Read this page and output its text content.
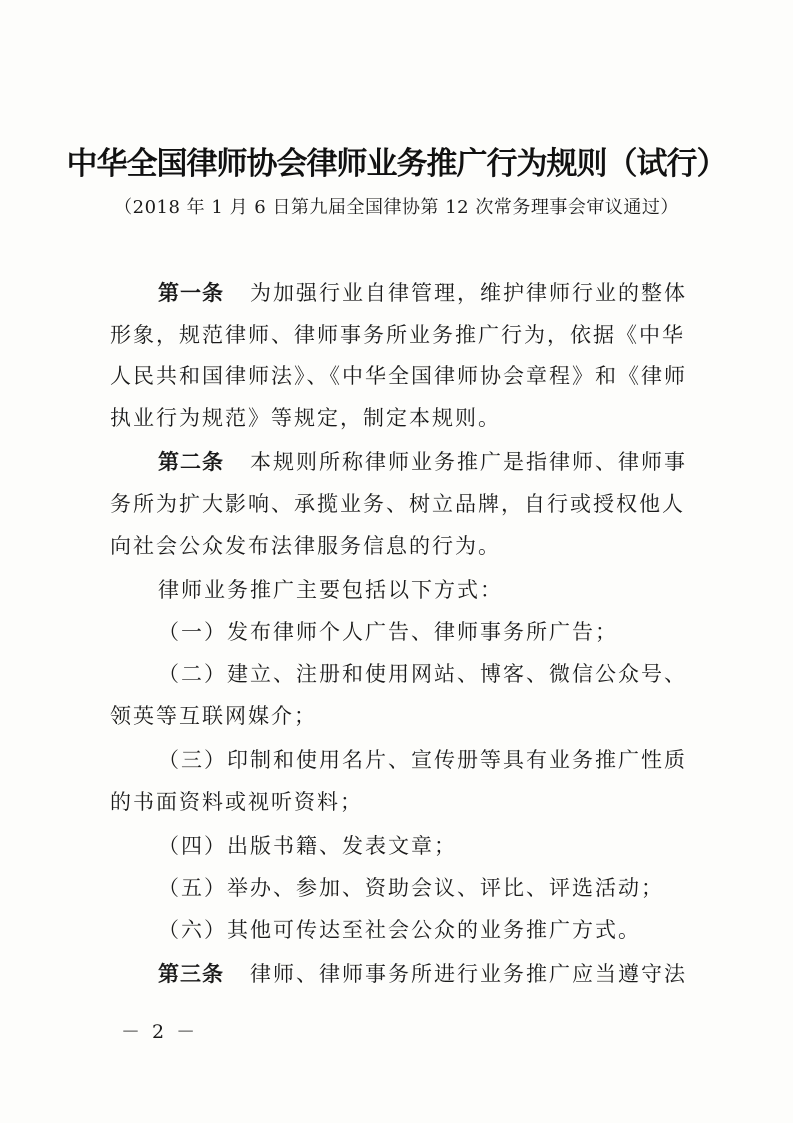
中华全国律师协会律师业务推广行为规则（试行）
（2018 年 1 月 6 日第九届全国律协第 12 次常务理事会审议通过）
第一条 为加强行业自律管理，维护律师行业的整体
形象，规范律师、律师事务所业务推广行为，依据《中华
人民共和国律师法》、《中华全国律师协会章程》和《律师
执业行为规范》等规定，制定本规则。
第二条 本规则所称律师业务推广是指律师、律师事
务所为扩大影响、承揽业务、树立品牌，自行或授权他人
向社会公众发布法律服务信息的行为。
律师业务推广主要包括以下方式：
（一）发布律师个人广告、律师事务所广告；
（二）建立、注册和使用网站、博客、微信公众号、
领英等互联网媒介；
（三）印制和使用名片、宣传册等具有业务推广性质
的书面资料或视听资料；
（四）出版书籍、发表文章；
（五）举办、参加、资助会议、评比、评选活动；
（六）其他可传达至社会公众的业务推广方式。
第三条 律师、律师事务所进行业务推广应当遵守法
－ 2 －
